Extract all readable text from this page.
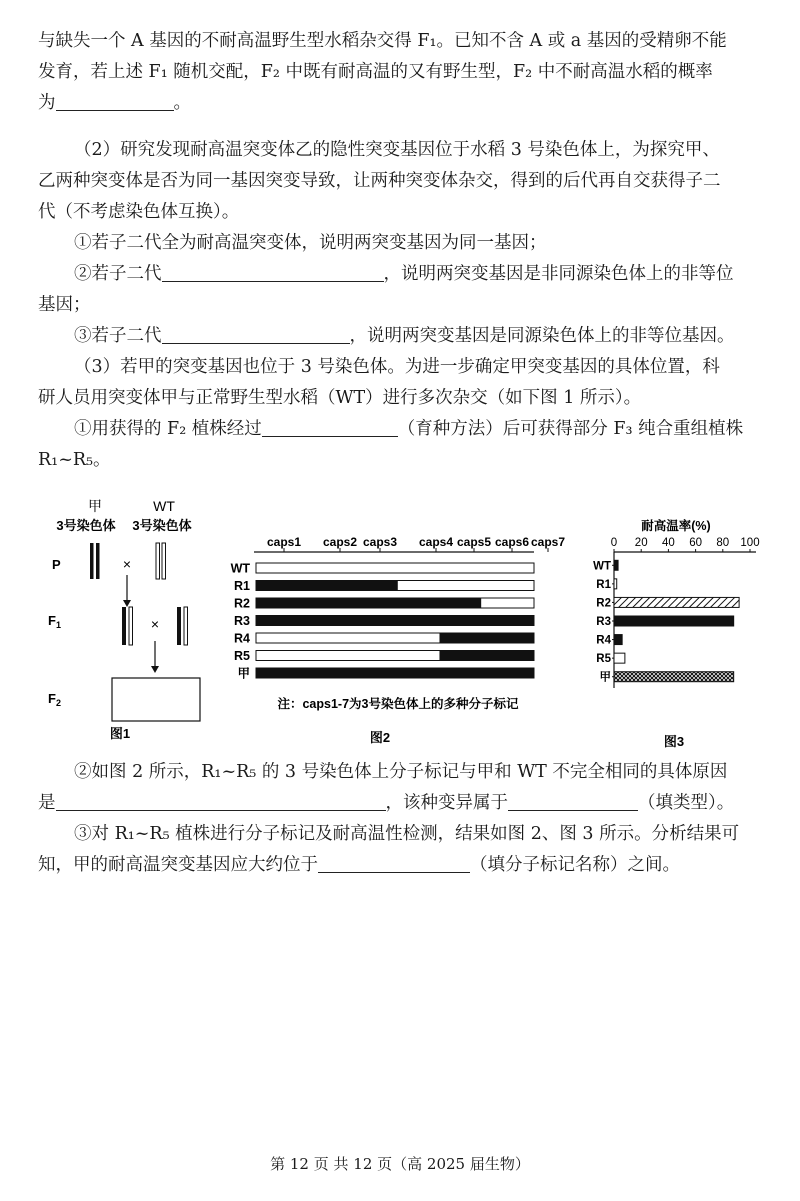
与缺失一个 A 基因的不耐高温野生型水稻杂交得 F₁。已知不含 A 或 a 基因的受精卵不能

发育，若上述 F₁ 随机交配，F₂ 中既有耐高温的又有野生型，F₂ 中不耐高温水稻的概率

为	。

（2）研究发现耐高温突变体乙的隐性突变基因位于水稻 3 号染色体上，为探究甲、

乙两种突变体是否为同一基因突变导致，让两种突变体杂交，得到的后代再自交获得子二

代（不考虑染色体互换）。

①若子二代全为耐高温突变体，说明两突变基因为同一基因；

②若子二代	，说明两突变基因是非同源染色体上的非等位

基因；

③若子二代	，说明两突变基因是同源染色体上的非等位基因。

（3）若甲的突变基因也位于 3 号染色体。为进一步确定甲突变基因的具体位置，科

研人员用突变体甲与正常野生型水稻（WT）进行多次杂交（如下图 1 所示）。

①用获得的 F₂ 植株经过	（育种方法）后可获得部分 F₃ 纯合重组植株

R₁~R₅。

甲	WT
3号染色体 3号染色体
P
$F_1$
$F_2$
×
×
图1
caps1 caps2 caps3 caps4 caps5 caps6 caps7
WT
R1
R2
R3
R4
R5
甲
注：caps1-7为3号染色体上的多种分子标记
图2
耐高温率(%)
0 20 40 60 80 100
WT
R1
R2
R3
R4
R5
甲
图3

②如图 2 所示，R₁~R₅ 的 3 号染色体上分子标记与甲和 WT 不完全相同的具体原因

是	，该种变异属于	（填类型）。

③对 R₁~R₅ 植株进行分子标记及耐高温性检测，结果如图 2、图 3 所示。分析结果可

知，甲的耐高温突变基因应大约位于	（填分子标记名称）之间。

第 12 页 共 12 页（高 2025 届生物）
